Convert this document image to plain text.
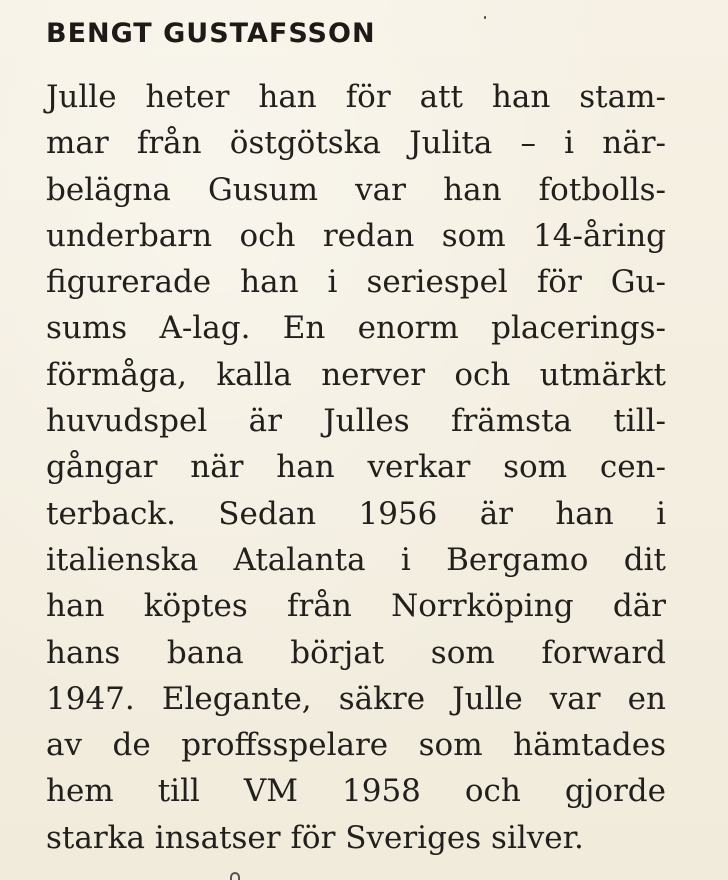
BENGT GUSTAFSSON
Julle heter han för att han stam-
mar från östgötska Julita – i när-
belägna Gusum var han fotbolls-
underbarn och redan som 14-åring
figurerade han i seriespel för Gu-
sums A-lag. En enorm placerings-
förmåga, kalla nerver och utmärkt
huvudspel är Julles främsta till-
gångar när han verkar som cen-
terback. Sedan 1956 är han i
italienska Atalanta i Bergamo dit
han köptes från Norrköping där
hans bana börjat som forward
1947. Elegante, säkre Julle var en
av de proffsspelare som hämtades
hem till VM 1958 och gjorde
starka insatser för Sveriges silver.
